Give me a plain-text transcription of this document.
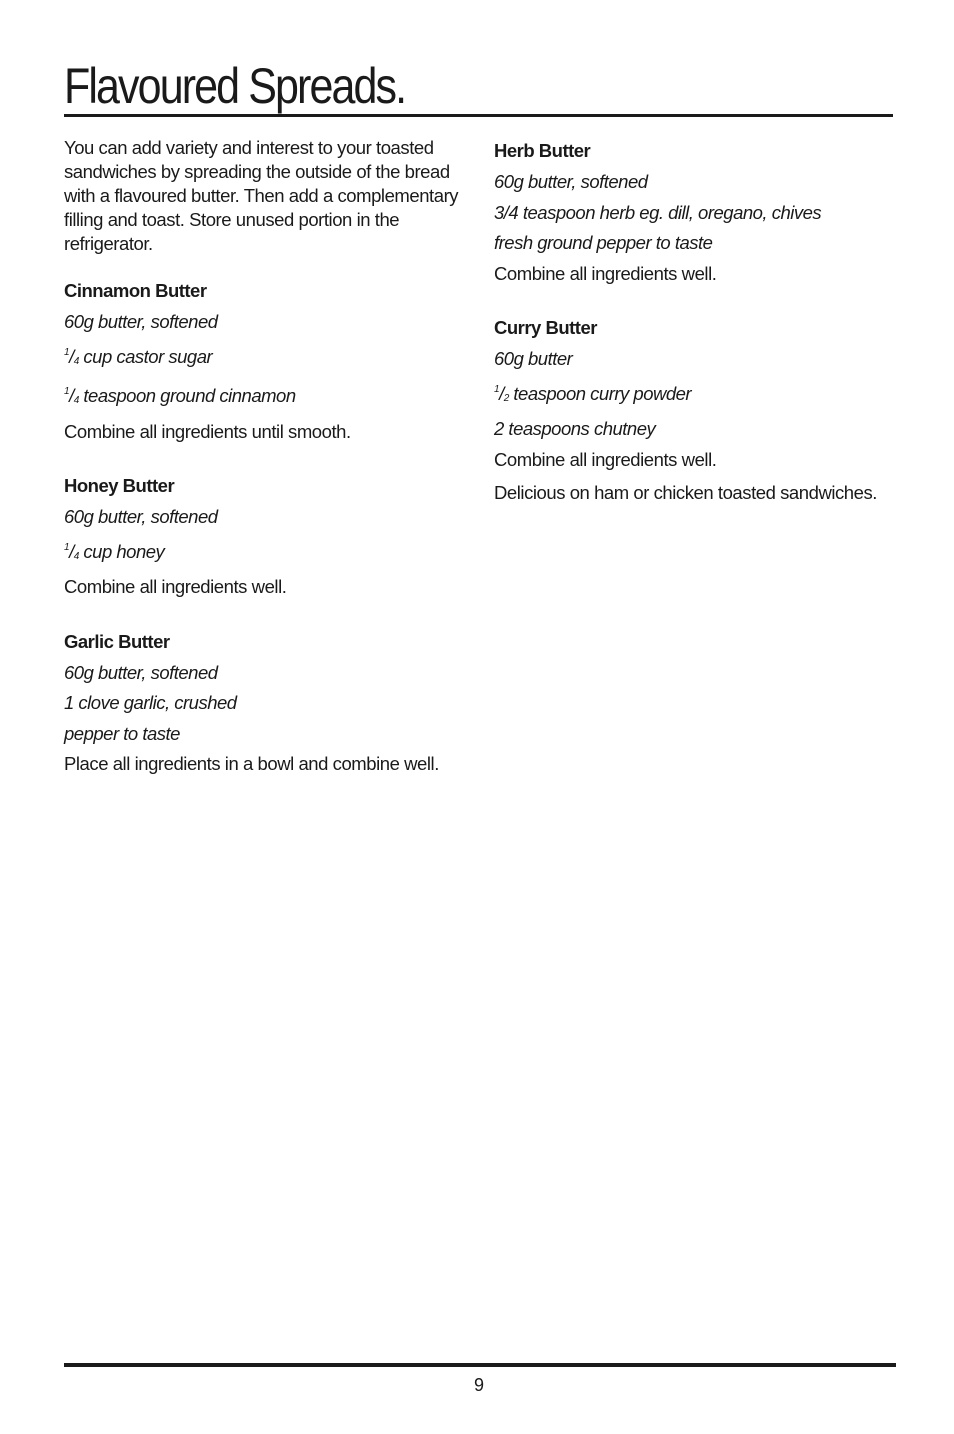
Flavoured Spreads.

You can add variety and interest to your toasted sandwiches by spreading the outside of the bread with a flavoured butter. Then add a complementary filling and toast. Store unused portion in the refrigerator.

Cinnamon Butter
60g butter, softened
$^1$/4 cup castor sugar
$^1$/4 teaspoon ground cinnamon
Combine all ingredients until smooth.
Honey Butter
60g butter, softened
$^1$/4 cup honey
Combine all ingredients well.
Garlic Butter
60g butter, softened
1 clove garlic, crushed
pepper to taste
Place all ingredients in a bowl and combine well.
Herb Butter
60g butter, softened
3/4 teaspoon herb eg. dill, oregano, chives
fresh ground pepper to taste
Combine all ingredients well.
Curry Butter
60g butter
$^1$/2 teaspoon curry powder
2 teaspoons chutney
Combine all ingredients well.
Delicious on ham or chicken toasted sandwiches.
9
